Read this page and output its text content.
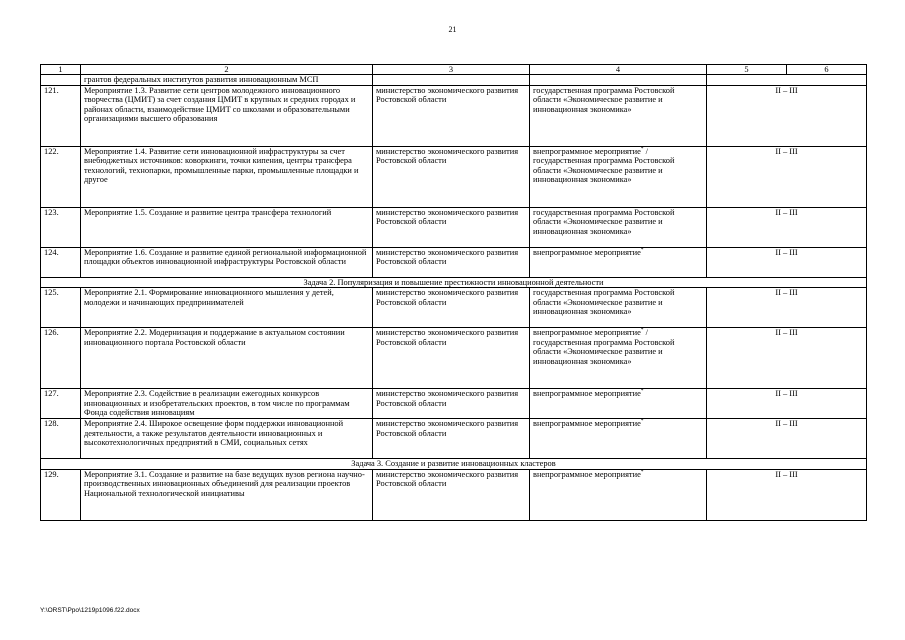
21
1	2	3	4	5	6
	грантов федеральных институтов развития инновационным МСП				
121.	Мероприятие 1.3. Развитие сети центров молодежного инновационного творчества (ЦМИТ) за счет создания ЦМИТ в крупных и средних городах и районах области, взаимодействие ЦМИТ со школами и образовательными организациями высшего образования	министерство экономического развития Ростовской области	государственная программа Ростовской области «Экономическое развитие и инновационная экономика»	II – III	
122.	Мероприятие 1.4. Развитие сети инновационной инфраструктуры за счет внебюджетных источников: коворкинги, точки кипения, центры трансфера технологий, технопарки, промышленные парки, промышленные площадки и другое	министерство экономического развития Ростовской области	внепрограммное мероприятие* / государственная программа Ростовской области «Экономическое развитие и инновационная экономика»	II – III	
123.	Мероприятие 1.5. Создание и развитие центра трансфера технологий	министерство экономического развития Ростовской области	государственная программа Ростовской области «Экономическое развитие и инновационная экономика»	II – III	
124.	Мероприятие 1.6. Создание и развитие единой региональной информационной площадки объектов инновационной инфраструктуры Ростовской области	министерство экономического развития Ростовской области	внепрограммное мероприятие*	II – III	
Задача 2. Популяризация и повышение престижности инновационной деятельности					
125.	Мероприятие 2.1. Формирование инновационного мышления у детей, молодежи и начинающих предпринимателей	министерство экономического развития Ростовской области	государственная программа Ростовской области «Экономическое развитие и инновационная экономика»	II – III	
126.	Мероприятие 2.2. Модернизация и поддержание в актуальном состоянии инновационного портала Ростовской области	министерство экономического развития Ростовской области	внепрограммное мероприятие* / государственная программа Ростовской области «Экономическое развитие и инновационная экономика»	II – III	
127.	Мероприятие 2.3. Содействие в реализации ежегодных конкурсов инновационных и изобретательских проектов, в том числе по программам Фонда содействия инновациям	министерство экономического развития Ростовской области	внепрограммное мероприятие*	II – III	
128.	Мероприятие 2.4. Широкое освещение форм поддержки инновационной деятельности, а также результатов деятельности инновационных и высокотехнологичных предприятий в СМИ, социальных сетях	министерство экономического развития Ростовской области	внепрограммное мероприятие*	II – III	
Задача 3. Создание и развитие инновационных кластеров					
129.	Мероприятие 3.1. Создание и развитие на базе ведущих вузов региона научно-производственных инновационных объединений для реализации проектов Национальной технологической инициативы	министерство экономического развития Ростовской области	внепрограммное мероприятие*	II – III	
Y:\ORST\Ppo\1219p1096.f22.docx
